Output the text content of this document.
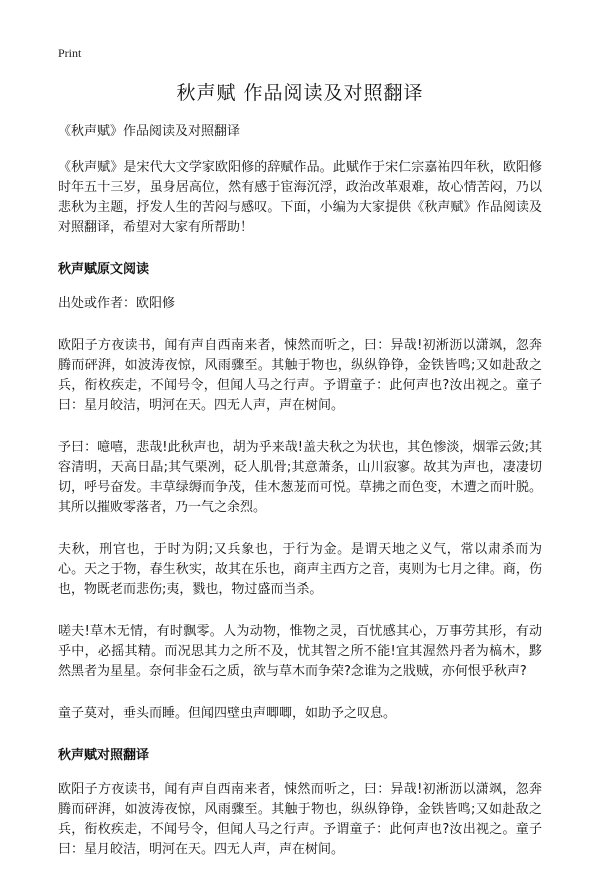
Print
秋声赋 作品阅读及对照翻译

《秋声赋》作品阅读及对照翻译

《秋声赋》是宋代大文学家欧阳修的辞赋作品。此赋作于宋仁宗嘉祐四年秋，欧阳修时年五十三岁，虽身居高位，然有感于宦海沉浮，政治改革艰难，故心情苦闷，乃以悲秋为主题，抒发人生的苦闷与感叹。下面，小编为大家提供《秋声赋》作品阅读及对照翻译，希望对大家有所帮助！

秋声赋原文阅读

出处或作者：欧阳修

欧阳子方夜读书，闻有声自西南来者，悚然而听之，曰：异哉!初淅沥以潇飒，忽奔腾而砰湃，如波涛夜惊，风雨骤至。其触于物也，纵纵铮铮，金铁皆鸣;又如赴敌之兵，衔枚疾走，不闻号令，但闻人马之行声。予谓童子：此何声也?汝出视之。童子曰：星月皎洁，明河在天。四无人声，声在树间。

予曰：噫嘻，悲哉!此秋声也，胡为乎来哉!盖夫秋之为状也，其色惨淡，烟霏云敛;其容清明，天高日晶;其气栗冽，砭人肌骨;其意萧条，山川寂寥。故其为声也，凄凄切切，呼号奋发。丰草绿缛而争茂，佳木葱茏而可悦。草拂之而色变，木遭之而叶脱。其所以摧败零落者，乃一气之余烈。

夫秋，刑官也，于时为阴;又兵象也，于行为金。是谓天地之义气，常以肃杀而为心。天之于物，春生秋实，故其在乐也，商声主西方之音，夷则为七月之律。商，伤也，物既老而悲伤;夷，戮也，物过盛而当杀。

嗟夫!草木无情，有时飘零。人为动物，惟物之灵，百忧感其心，万事劳其形，有动乎中，必摇其精。而况思其力之所不及，忧其智之所不能!宜其渥然丹者为槁木，黟然黑者为星星。奈何非金石之质，欲与草木而争荣?念谁为之戕贼，亦何恨乎秋声?

童子莫对，垂头而睡。但闻四壁虫声唧唧，如助予之叹息。

秋声赋对照翻译

欧阳子方夜读书，闻有声自西南来者，悚然而听之，曰：异哉!初淅沥以潇飒，忽奔腾而砰湃，如波涛夜惊，风雨骤至。其触于物也，纵纵铮铮，金铁皆鸣;又如赴敌之兵，衔枚疾走，不闻号令，但闻人马之行声。予谓童子：此何声也?汝出视之。童子曰：星月皎洁，明河在天。四无人声，声在树间。
